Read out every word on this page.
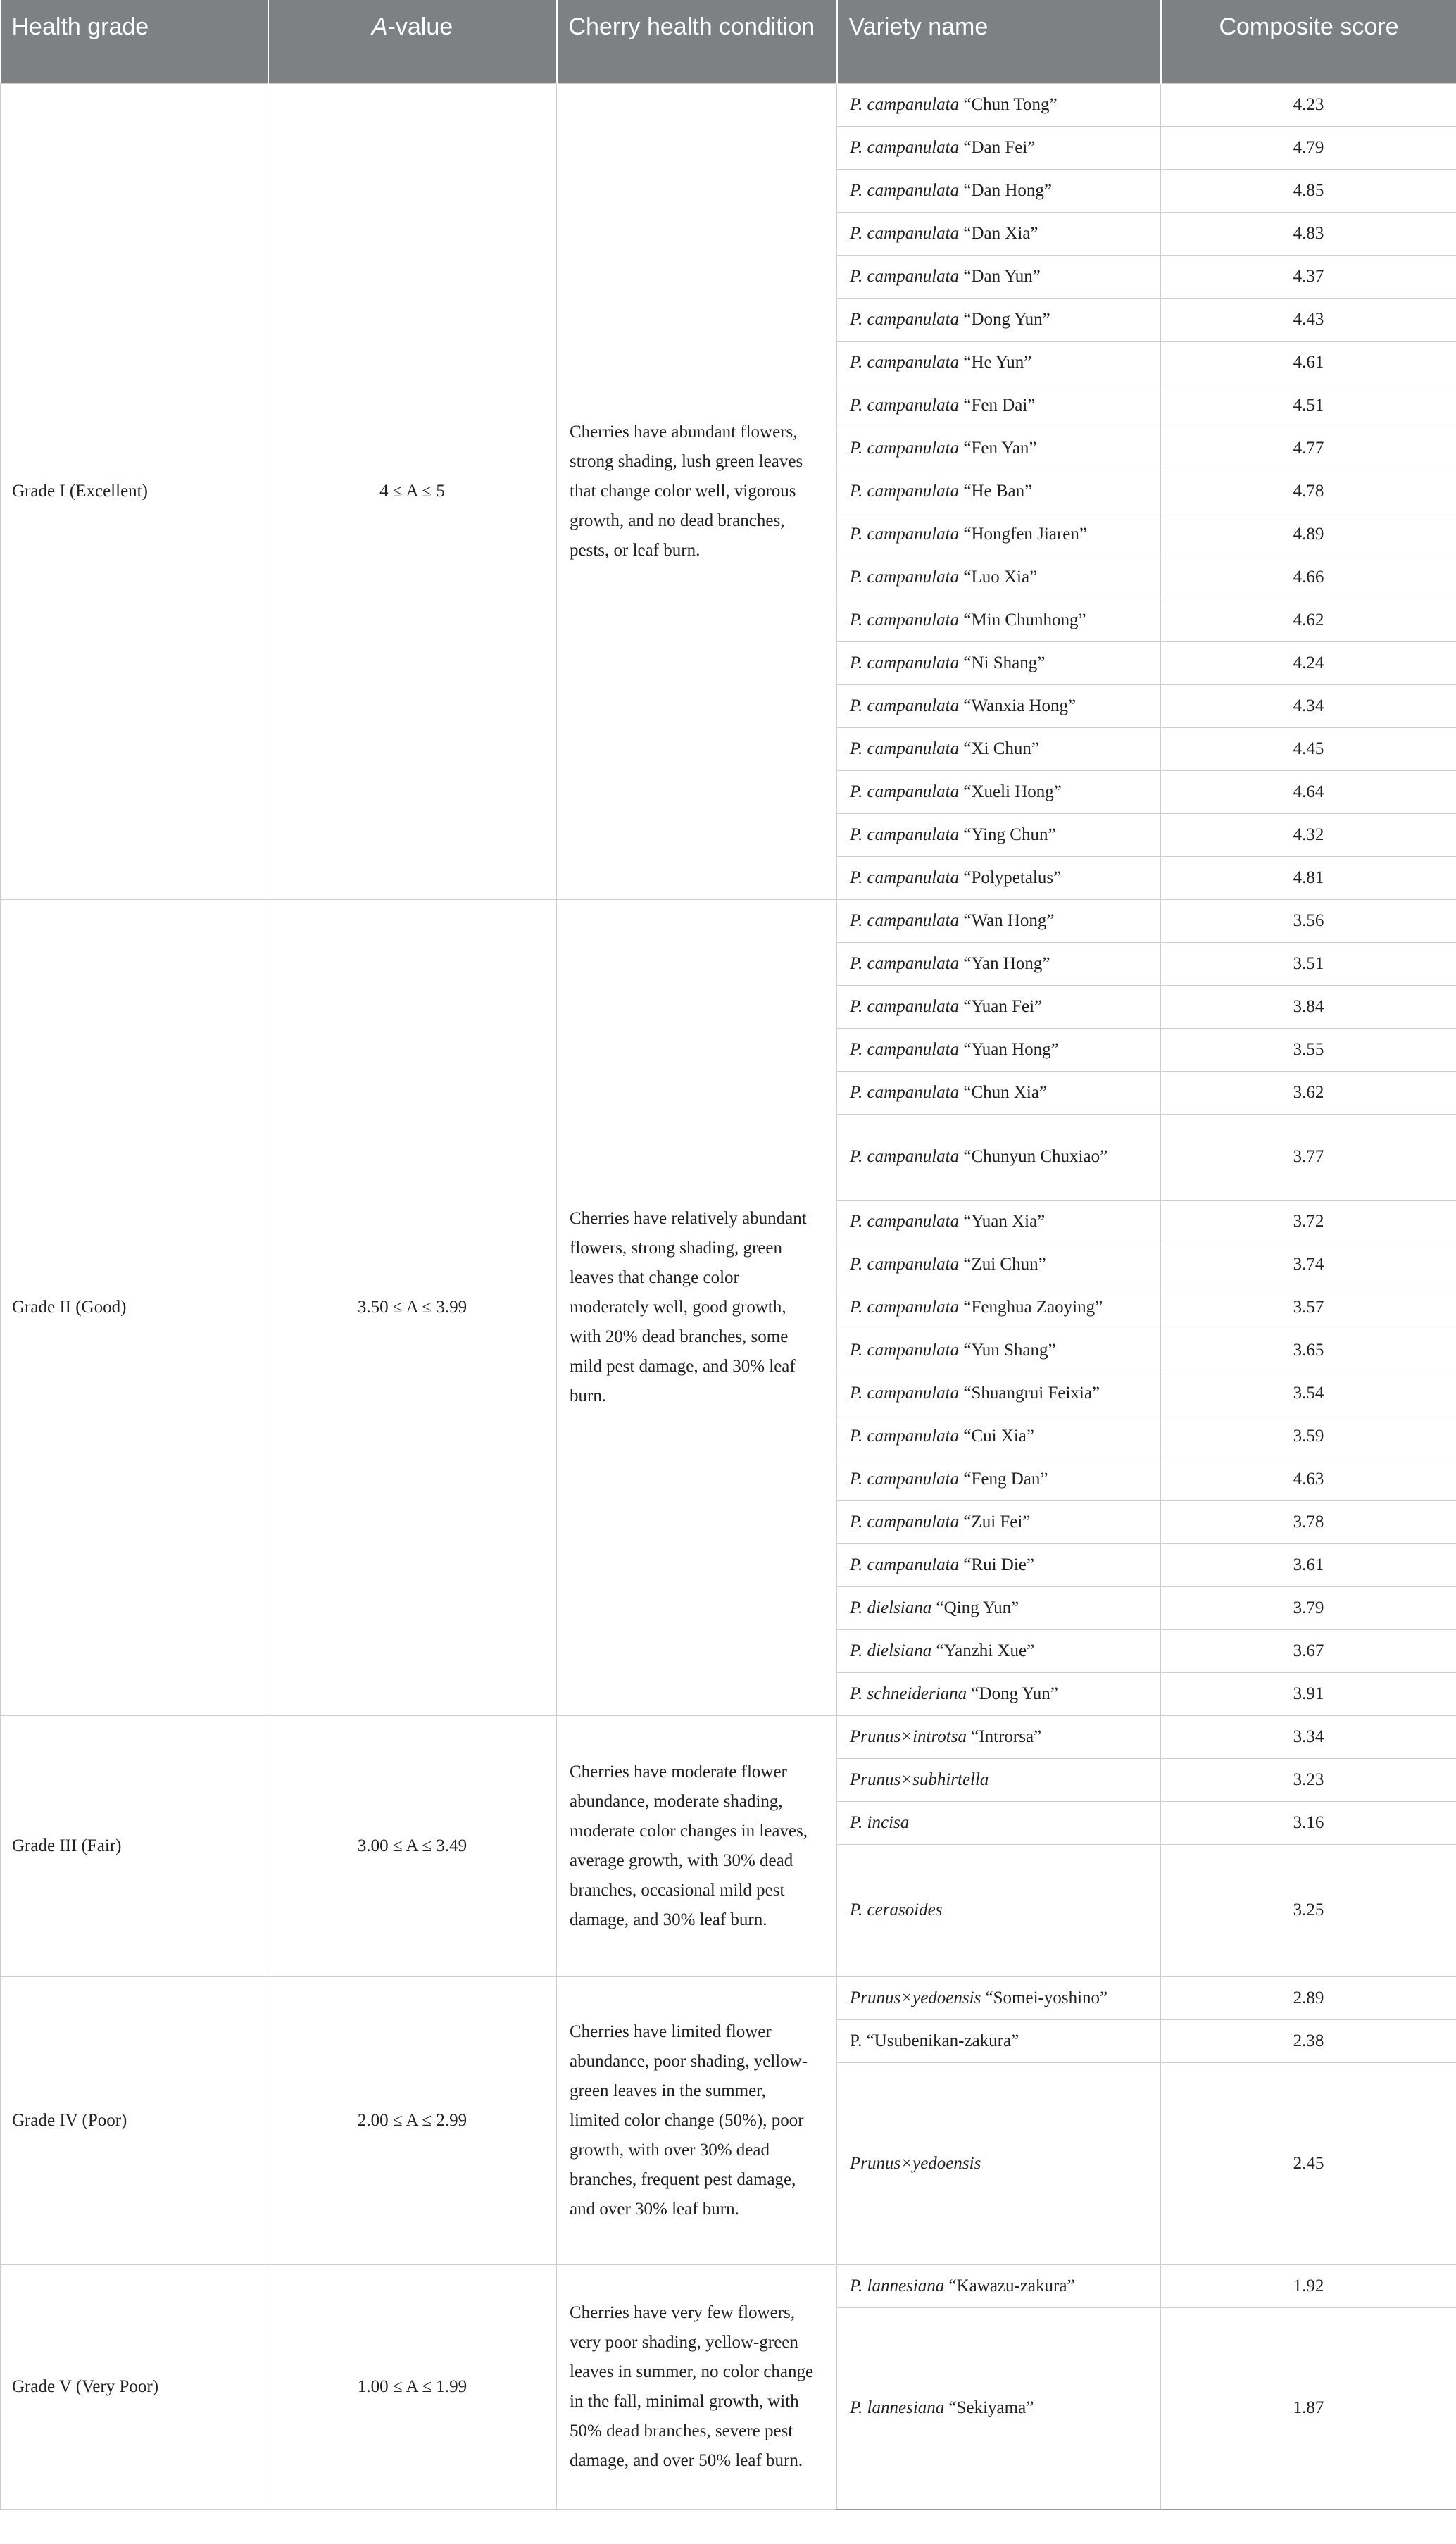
Health grade	A-value	Cherry health condition	Variety name	Composite score
Grade I (Excellent)	4 ≤ A ≤ 5	Cherries have abundant flowers, strong shading, lush green leaves that change color well, vigorous growth, and no dead branches, pests, or leaf burn.	P. campanulata “Chun Tong”	4.23
			P. campanulata “Dan Fei”	4.79
			P. campanulata “Dan Hong”	4.85
			P. campanulata “Dan Xia”	4.83
			P. campanulata “Dan Yun”	4.37
			P. campanulata “Dong Yun”	4.43
			P. campanulata “He Yun”	4.61
			P. campanulata “Fen Dai”	4.51
			P. campanulata “Fen Yan”	4.77
			P. campanulata “He Ban”	4.78
			P. campanulata “Hongfen Jiaren”	4.89
			P. campanulata “Luo Xia”	4.66
			P. campanulata “Min Chunhong”	4.62
			P. campanulata “Ni Shang”	4.24
			P. campanulata “Wanxia Hong”	4.34
			P. campanulata “Xi Chun”	4.45
			P. campanulata “Xueli Hong”	4.64
			P. campanulata “Ying Chun”	4.32
			P. campanulata “Polypetalus”	4.81
Grade II (Good)	3.50 ≤ A ≤ 3.99	Cherries have relatively abundant flowers, strong shading, green leaves that change color moderately well, good growth, with 20% dead branches, some mild pest damage, and 30% leaf burn.	P. campanulata “Wan Hong”	3.56
			P. campanulata “Yan Hong”	3.51
			P. campanulata “Yuan Fei”	3.84
			P. campanulata “Yuan Hong”	3.55
			P. campanulata “Chun Xia”	3.62
			P. campanulata “Chunyun Chuxiao”	3.77
			P. campanulata “Yuan Xia”	3.72
			P. campanulata “Zui Chun”	3.74
			P. campanulata “Fenghua Zaoying”	3.57
			P. campanulata “Yun Shang”	3.65
			P. campanulata “Shuangrui Feixia”	3.54
			P. campanulata “Cui Xia”	3.59
			P. campanulata “Feng Dan”	4.63
			P. campanulata “Zui Fei”	3.78
			P. campanulata “Rui Die”	3.61
			P. dielsiana “Qing Yun”	3.79
			P. dielsiana “Yanzhi Xue”	3.67
			P. schneideriana “Dong Yun”	3.91
Grade III (Fair)	3.00 ≤ A ≤ 3.49	Cherries have moderate flower abundance, moderate shading, moderate color changes in leaves, average growth, with 30% dead branches, occasional mild pest damage, and 30% leaf burn.	Prunus×introtsa “Introrsa”	3.34
			Prunus×subhirtella	3.23
			P. incisa	3.16
			P. cerasoides	3.25
Grade IV (Poor)	2.00 ≤ A ≤ 2.99	Cherries have limited flower abundance, poor shading, yellow-green leaves in the summer, limited color change (50%), poor growth, with over 30% dead branches, frequent pest damage, and over 30% leaf burn.	Prunus×yedoensis “Somei-yoshino”	2.89
			P. “Usubenikan-zakura”	2.38
			Prunus×yedoensis	2.45
Grade V (Very Poor)	1.00 ≤ A ≤ 1.99	Cherries have very few flowers, very poor shading, yellow-green leaves in summer, no color change in the fall, minimal growth, with 50% dead branches, severe pest damage, and over 50% leaf burn.	P. lannesiana “Kawazu-zakura”	1.92
			P. lannesiana “Sekiyama”	1.87
